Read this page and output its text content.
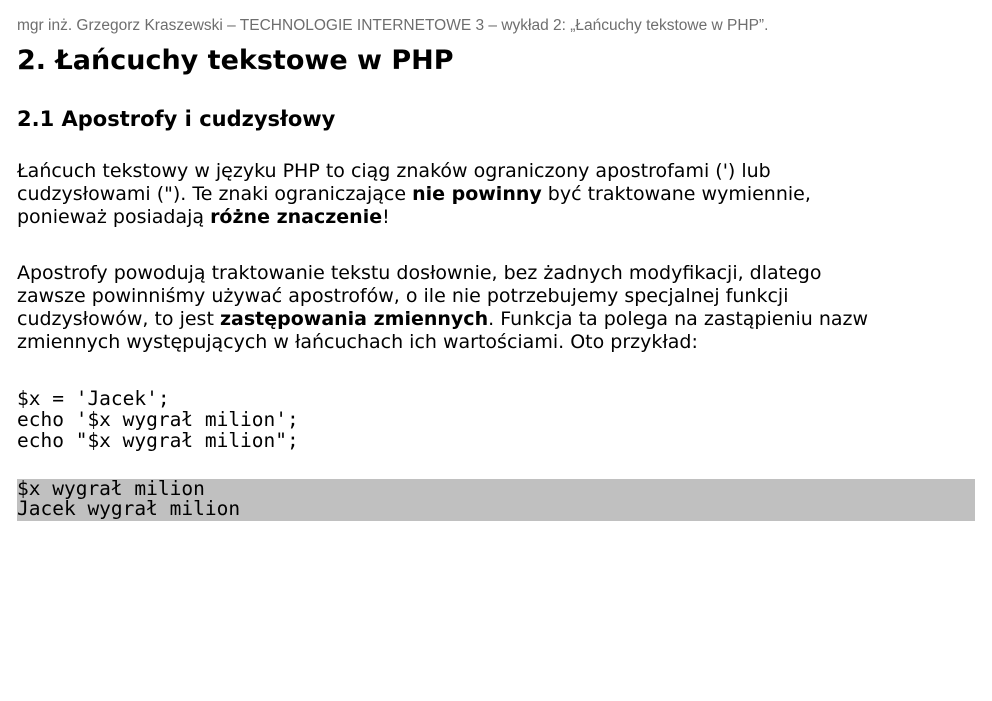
mgr inż. Grzegorz Kraszewski – TECHNOLOGIE INTERNETOWE 3 – wykład 2: „Łańcuchy tekstowe w PHP”.
2. Łańcuchy tekstowe w PHP
2.1 Apostrofy i cudzysłowy

Łańcuch tekstowy w języku PHP to ciąg znaków ograniczony apostrofami (') lub
cudzysłowami ("). Te znaki ograniczające nie powinny być traktowane wymiennie,
ponieważ posiadają różne znaczenie!

Apostrofy powodują traktowanie tekstu dosłownie, bez żadnych modyfikacji, dlatego
zawsze powinniśmy używać apostrofów, o ile nie potrzebujemy specjalnej funkcji
cudzysłowów, to jest zastępowania zmiennych. Funkcja ta polega na zastąpieniu nazw
zmiennych występujących w łańcuchach ich wartościami. Oto przykład:

$x = 'Jacek';
echo '$x wygrał milion';
echo "$x wygrał milion";
$x wygrał milion
Jacek wygrał milion
